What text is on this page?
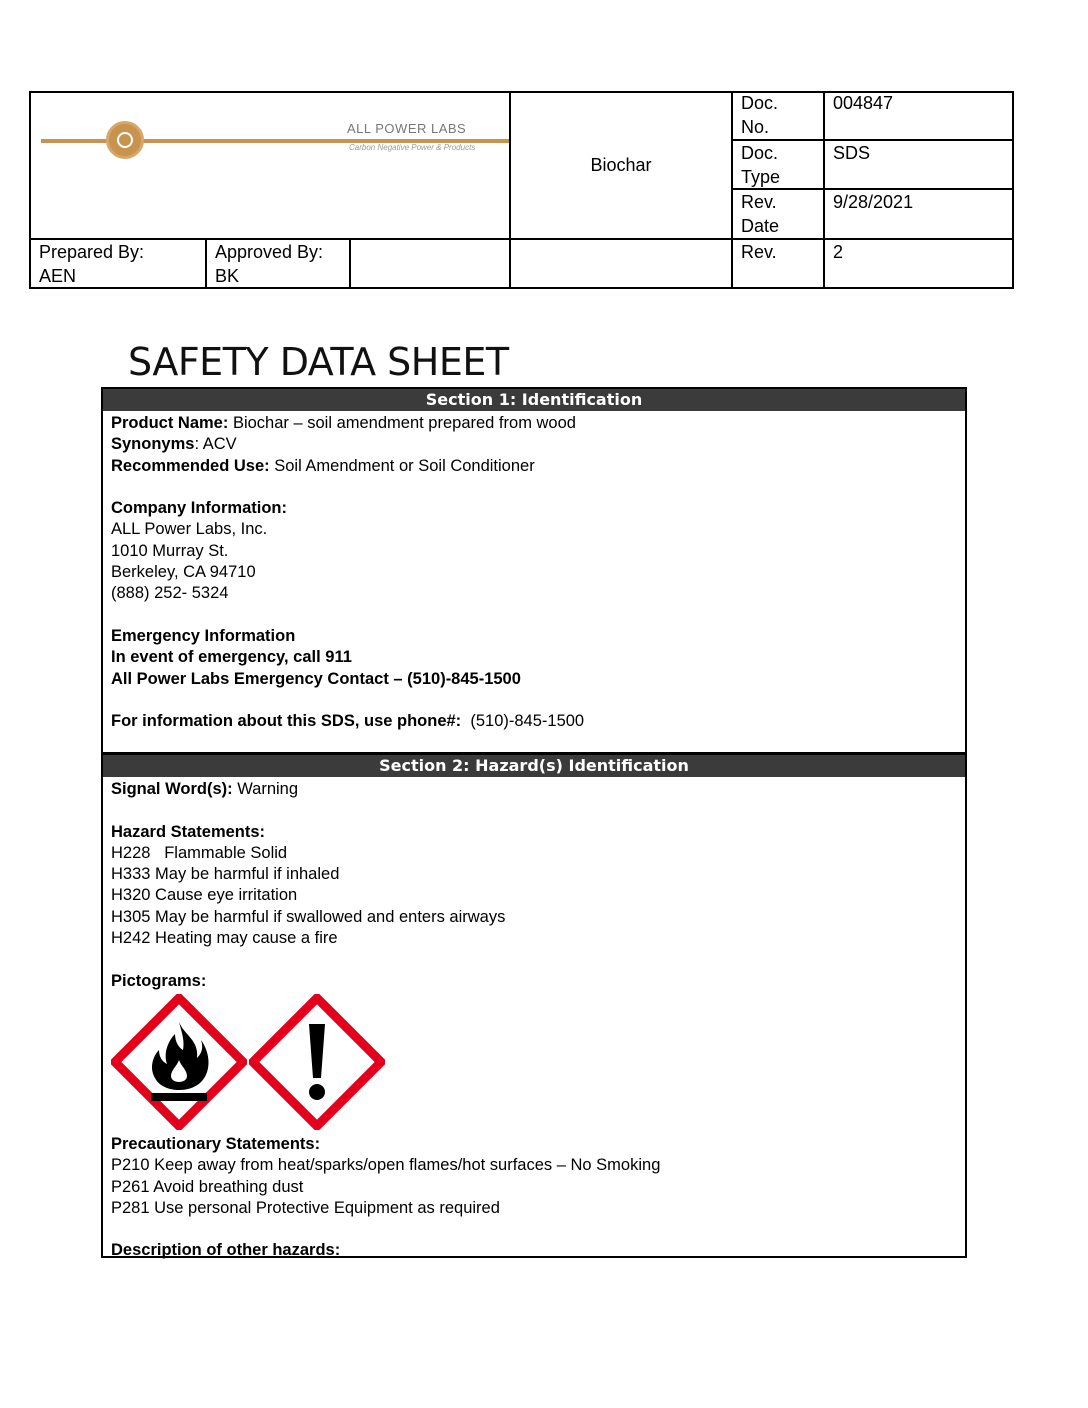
ALL POWER LABS
Carbon Negative Power & Products
Biochar
Doc.
No.
004847
Doc.
Type
SDS
Rev.
Date
9/28/2021
Prepared By:
AEN
Approved By:
BK
Rev.	2
SAFETY DATA SHEET
Section 1: Identification
Product Name: Biochar – soil amendment prepared from wood
Synonyms: ACV
Recommended Use: Soil Amendment or Soil Conditioner
Company Information:
ALL Power Labs, Inc.
1010 Murray St.
Berkeley, CA 94710
(888) 252- 5324
Emergency Information
In event of emergency, call 911
All Power Labs Emergency Contact – (510)-845-1500
For information about this SDS, use phone#: (510)-845-1500
Section 2: Hazard(s) Identification
Signal Word(s): Warning
Hazard Statements:
H228   Flammable Solid
H333 May be harmful if inhaled
H320 Cause eye irritation
H305 May be harmful if swallowed and enters airways
H242 Heating may cause a fire
Pictograms:
Precautionary Statements:
P210 Keep away from heat/sparks/open flames/hot surfaces – No Smoking
P261 Avoid breathing dust
P281 Use personal Protective Equipment as required
Description of other hazards:
